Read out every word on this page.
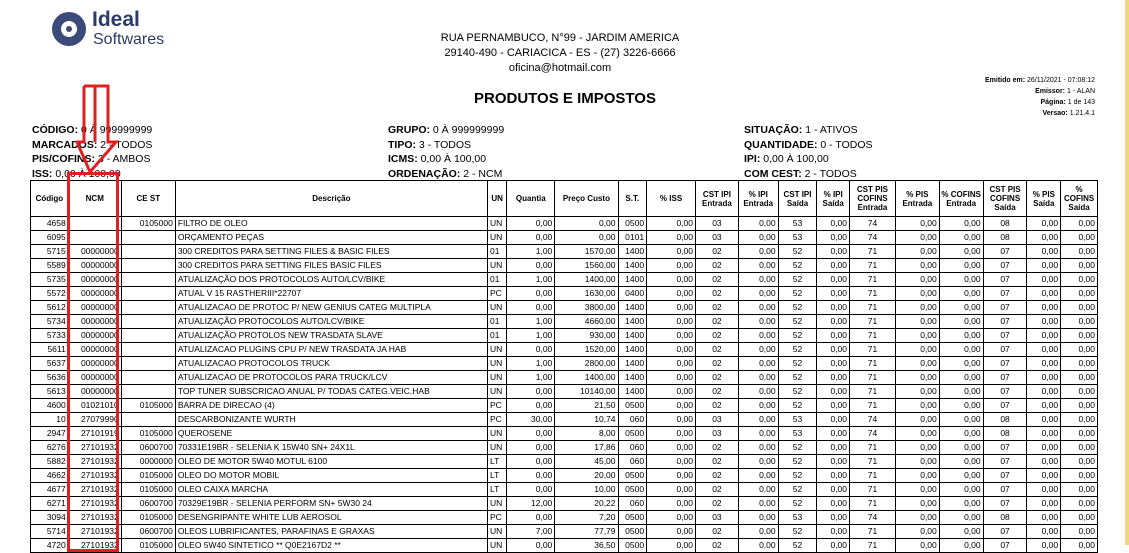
Ideal
Softwares	RUA PERNAMBUCO, N°99 - JARDIM AMERICA
29140-490 - CARIACICA - ES - (27) 3226-6666
oficina@hotmail.com
PRODUTOS E IMPOSTOS
Emitido em: 26/11/2021 - 07:08:12
Emissor: 1 - ALAN
Página: 1 de 143
Versao: 1.21.4.1
CÓDIGO: 0 À 999999999
MARCADOS: 2 - TODOS
PIS/COFINS: 3 - AMBOS
ISS: 0,00 À 100,00
GRUPO: 0 À 999999999
TIPO: 3 - TODOS
ICMS: 0,00 À 100,00
ORDENAÇÃO: 2 - NCM
SITUAÇÃO: 1 - ATIVOS
QUANTIDADE: 0 - TODOS
IPI: 0,00 À 100,00
COM CEST: 2 - TODOS
Código	NCM	CE ST	Descrição	UN	Quantia	Preço Custo	S.T.	% ISS	CST IPI Entrada	% IPI Entrada	CST IPI Saída	% IPI Saída	CST PIS COFINS Entrada	% PIS Entrada	% COFINS Entrada	CST PIS COFINS Saída	% PIS Saída	% COFINS Saída
4658		0105000	FILTRO DE OLEO	UN	0,00	0,00	0500	0,00	03	0,00	53	0,00	74	0,00	0,00	08	0,00	0,00
6095			ORÇAMENTO PEÇAS	UN	0,00	0,00	0101	0,00	03	0,00	53	0,00	74	0,00	0,00	08	0,00	0,00
5715	00000000		300 CREDITOS PARA SETTING FILES & BASIC FILES	01	1,00	1570,00	1400	0,00	02	0,00	52	0,00	71	0,00	0,00	07	0,00	0,00
5589	00000000		300 CREDITOS PARA SETTING FILES BASIC FILES	UN	0,00	1560,00	1400	0,00	02	0,00	52	0,00	71	0,00	0,00	07	0,00	0,00
5735	00000000		ATUALIZAÇÃO DOS PROTOCOLOS AUTO/LCV/BIKE	01	1,00	1400,00	1400	0,00	02	0,00	52	0,00	71	0,00	0,00	07	0,00	0,00
5572	00000000		ATUAL V 15 RASTHERIII*22707	PC	0,00	1630,00	0400	0,00	02	0,00	52	0,00	71	0,00	0,00	07	0,00	0,00
5612	00000000		ATUALIZACAO DE PROTOC P/ NEW GENIUS CATEG MULTIPLA	UN	0,00	3800,00	1400	0,00	02	0,00	52	0,00	71	0,00	0,00	07	0,00	0,00
5734	00000000		ATUALIZAÇÃO PROTOCOLOS AUTO/LCV/BIKE	01	1,00	4660,00	1400	0,00	02	0,00	52	0,00	71	0,00	0,00	07	0,00	0,00
5733	00000000		ATUALIZAÇÃO PROTOLOS NEW TRASDATA SLAVE	01	1,00	930,00	1400	0,00	02	0,00	52	0,00	71	0,00	0,00	07	0,00	0,00
5611	00000000		ATUALIZACAO PLUGINS CPU P/ NEW TRASDATA JA HAB	UN	0,00	1520,00	1400	0,00	02	0,00	52	0,00	71	0,00	0,00	07	0,00	0,00
5637	00000000		ATUALIZACAO PROTOCOLOS TRUCK	UN	1,00	2800,00	1400	0,00	02	0,00	52	0,00	71	0,00	0,00	07	0,00	0,00
5636	00000000		ATUALIZACAO DE PROTOCOLOS PARA TRUCK/LCV	UN	1,00	1400,00	1400	0,00	02	0,00	52	0,00	71	0,00	0,00	07	0,00	0,00
5613	00000000		TOP TUNER SUBSCRICAO ANUAL P/ TODAS CATEG.VEIC.HAB	UN	0,00	10140,00	1400	0,00	02	0,00	52	0,00	71	0,00	0,00	07	0,00	0,00
4600	01021010	0105000	BARRA DE DIRECAO (4)	PC	0,00	21,50	0500	0,00	02	0,00	52	0,00	71	0,00	0,00	07	0,00	0,00
10	27079990		DESCARBONIZANTE WURTH	PC	30,00	10,74	060	0,00	03	0,00	53	0,00	74	0,00	0,00	08	0,00	0,00
2947	27101919	0105000	QUEROSENE	UN	0,00	8,00	0500	0,00	03	0,00	53	0,00	74	0,00	0,00	08	0,00	0,00
6276	27101932	0600700	70331E19BR - SELENIA K 15W40 SN+ 24X1L	UN	0,00	17,86	060	0,00	02	0,00	52	0,00	71	0,00	0,00	07	0,00	0,00
5882	27101932	0000000	OLEO DE MOTOR 5W40 MOTUL 6100	LT	0,00	45,00	060	0,00	02	0,00	52	0,00	71	0,00	0,00	07	0,00	0,00
4662	27101932	0105000	OLEO DO MOTOR MOBIL	LT	0,00	20,00	0500	0,00	02	0,00	52	0,00	71	0,00	0,00	07	0,00	0,00
4677	27101932	0105000	OLEO CAIXA MARCHA	LT	0,00	10,00	0500	0,00	02	0,00	52	0,00	71	0,00	0,00	07	0,00	0,00
6271	27101932	0600700	70329E19BR - SELENIA PERFORM SN+ 5W30 24	UN	12,00	20,22	060	0,00	02	0,00	52	0,00	71	0,00	0,00	07	0,00	0,00
3094	27101932	0105000	DESENGRIPANTE WHITE LUB AEROSOL	PC	0,00	7,20	0500	0,00	03	0,00	53	0,00	74	0,00	0,00	08	0,00	0,00
5714	27101932	0600700	OLEOS LUBRIFICANTES, PARAFINAS E GRAXAS	UN	7,00	77,79	0500	0,00	02	0,00	52	0,00	71	0,00	0,00	07	0,00	0,00
4720	27101932	0105000	OLEO 5W40 SINTETICO ** Q0E2167D2 **	UN	0,00	36,50	0500	0,00	02	0,00	52	0,00	71	0,00	0,00	07	0,00	0,00
